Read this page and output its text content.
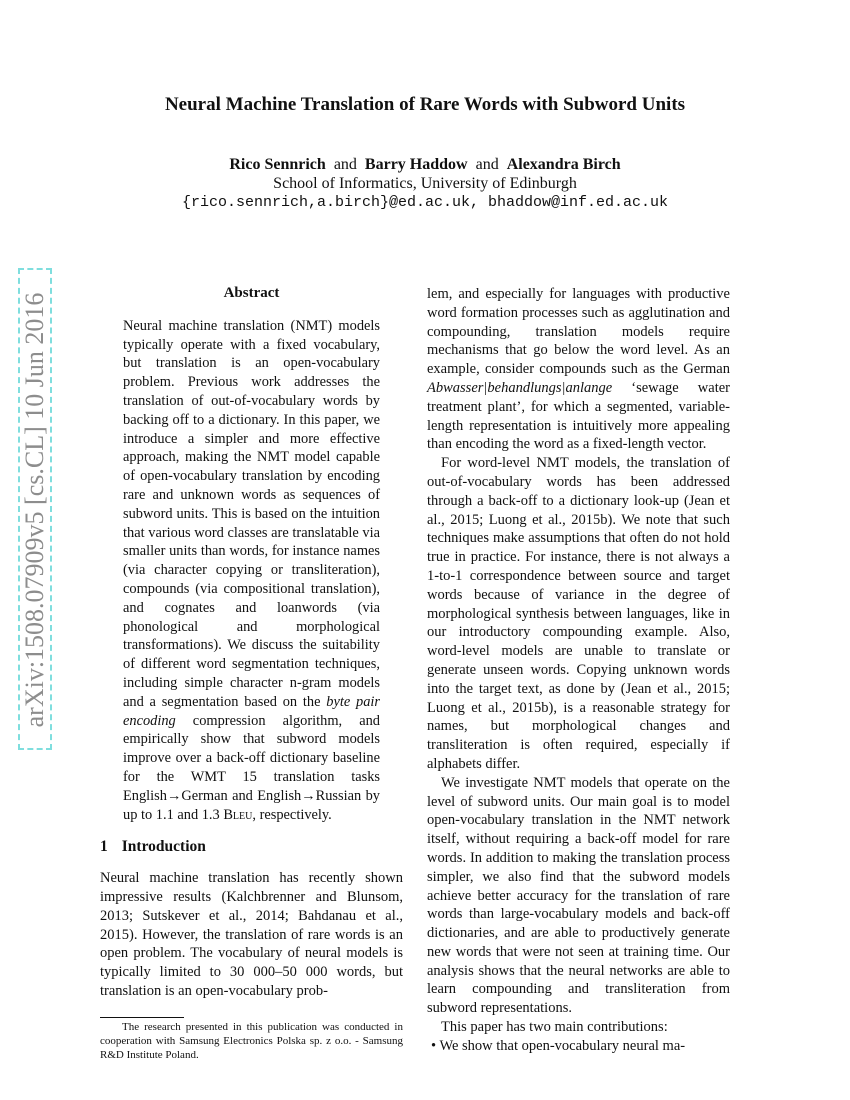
Neural Machine Translation of Rare Words with Subword Units
Rico Sennrich and Barry Haddow and Alexandra Birch
School of Informatics, University of Edinburgh
{rico.sennrich,a.birch}@ed.ac.uk, bhaddow@inf.ed.ac.uk
arXiv:1508.07909v5 [cs.CL] 10 Jun 2016	Abstract

Neural machine translation (NMT) models typically operate with a fixed vocabulary, but translation is an open-vocabulary problem. Previous work addresses the translation of out-of-vocabulary words by backing off to a dictionary. In this paper, we introduce a simpler and more effective approach, making the NMT model capable of open-vocabulary translation by encoding rare and unknown words as sequences of subword units. This is based on the intuition that various word classes are translatable via smaller units than words, for instance names (via character copying or transliteration), compounds (via compositional translation), and cognates and loanwords (via phonological and morphological transformations). We discuss the suitability of different word segmentation techniques, including simple character n-gram models and a segmentation based on the byte pair encoding compression algorithm, and empirically show that subword models improve over a back-off dictionary baseline for the WMT 15 translation tasks English→German and English→Russian by up to 1.1 and 1.3 Bleu, respectively.

1 Introduction

Neural machine translation has recently shown impressive results (Kalchbrenner and Blunsom, 2013; Sutskever et al., 2014; Bahdanau et al., 2015). However, the translation of rare words is an open problem. The vocabulary of neural models is typically limited to 30 000–50 000 words, but translation is an open-vocabulary prob-

The research presented in this publication was conducted in cooperation with Samsung Electronics Polska sp. z o.o. - Samsung R&D Institute Poland.

lem, and especially for languages with productive word formation processes such as agglutination and compounding, translation models require mechanisms that go below the word level. As an example, consider compounds such as the German Abwasser|behandlungs|anlange ‘sewage water treatment plant’, for which a segmented, variable-length representation is intuitively more appealing than encoding the word as a fixed-length vector.

For word-level NMT models, the translation of out-of-vocabulary words has been addressed through a back-off to a dictionary look-up (Jean et al., 2015; Luong et al., 2015b). We note that such techniques make assumptions that often do not hold true in practice. For instance, there is not always a 1-to-1 correspondence between source and target words because of variance in the degree of morphological synthesis between languages, like in our introductory compounding example. Also, word-level models are unable to translate or generate unseen words. Copying unknown words into the target text, as done by (Jean et al., 2015; Luong et al., 2015b), is a reasonable strategy for names, but morphological changes and transliteration is often required, especially if alphabets differ.

We investigate NMT models that operate on the level of subword units. Our main goal is to model open-vocabulary translation in the NMT network itself, without requiring a back-off model for rare words. In addition to making the translation process simpler, we also find that the subword models achieve better accuracy for the translation of rare words than large-vocabulary models and back-off dictionaries, and are able to productively generate new words that were not seen at training time. Our analysis shows that the neural networks are able to learn compounding and transliteration from subword representations.

This paper has two main contributions:

• We show that open-vocabulary neural ma-
